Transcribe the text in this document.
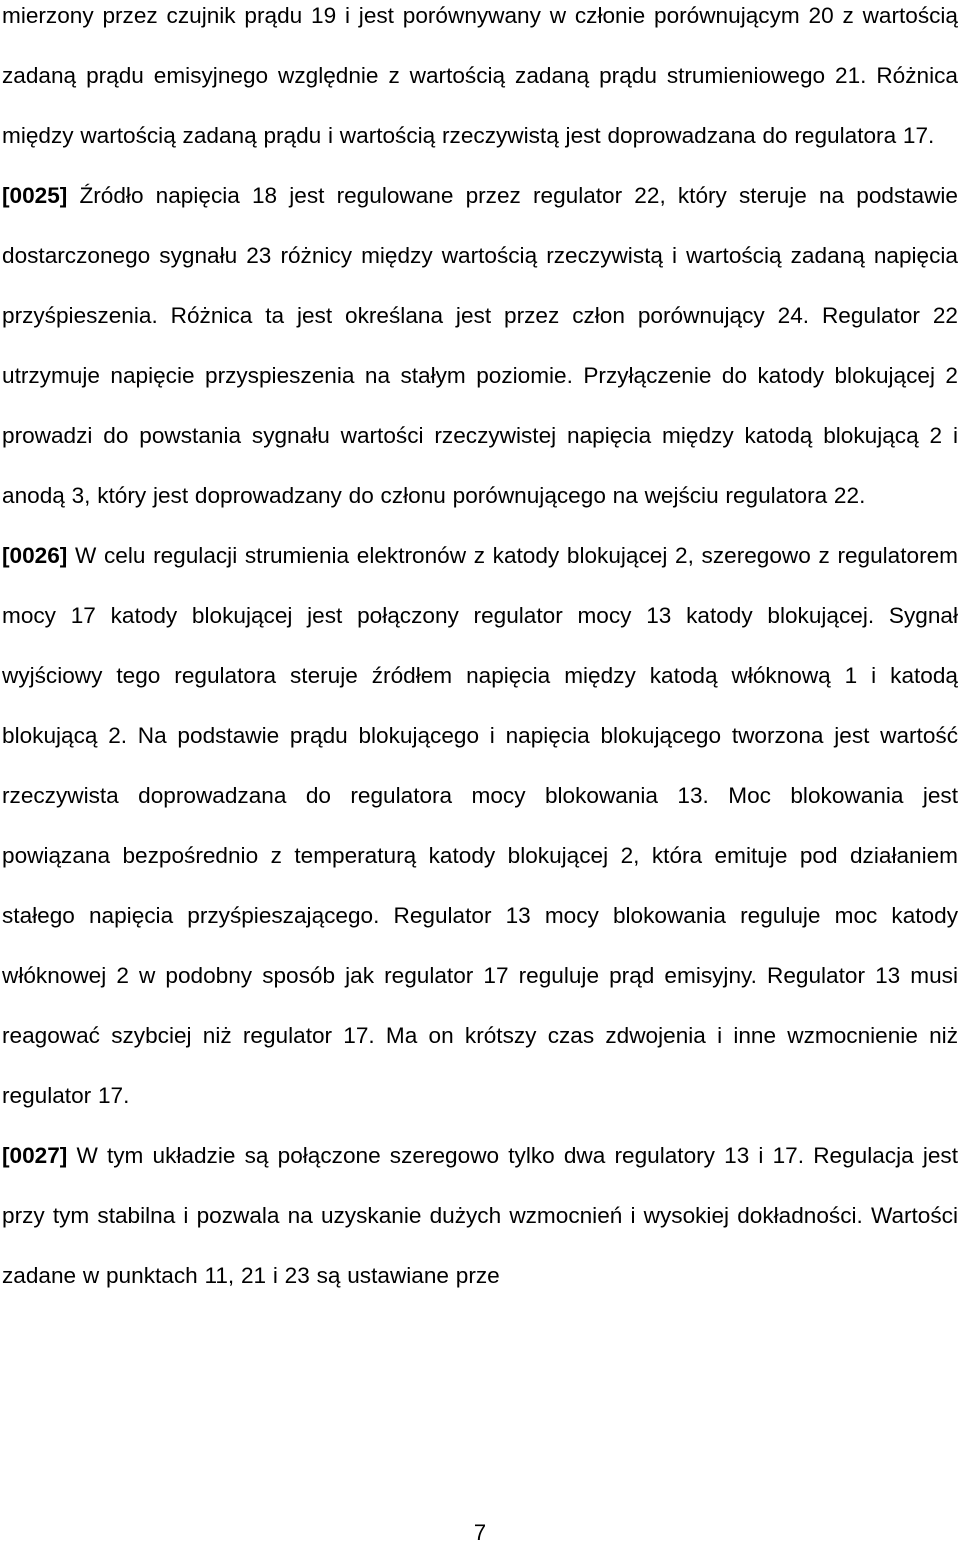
mierzony przez czujnik prądu 19 i jest porównywany w członie porównującym 20 z wartością zadaną prądu emisyjnego względnie z wartością zadaną prądu strumieniowego 21. Różnica między wartością zadaną prądu i wartością rzeczywistą jest doprowadzana do regulatora 17.

[0025] Źródło napięcia 18 jest regulowane przez regulator 22, który steruje na podstawie dostarczonego sygnału 23 różnicy między wartością rzeczywistą i wartością zadaną napięcia przyśpieszenia. Różnica ta jest określana jest przez człon porównujący 24. Regulator 22 utrzymuje napięcie przyspieszenia na stałym poziomie. Przyłączenie do katody blokującej 2 prowadzi do powstania sygnału wartości rzeczywistej napięcia między katodą blokującą 2 i anodą 3, który jest doprowadzany do członu porównującego na wejściu regulatora 22.

[0026] W celu regulacji strumienia elektronów z katody blokującej 2, szeregowo z regulatorem mocy 17 katody blokującej jest połączony regulator mocy 13 katody blokującej. Sygnał wyjściowy tego regulatora steruje źródłem napięcia między katodą włóknową 1 i katodą blokującą 2. Na podstawie prądu blokującego i napięcia blokującego tworzona jest wartość rzeczywista doprowadzana do regulatora mocy blokowania 13. Moc blokowania jest powiązana bezpośrednio z temperaturą katody blokującej 2, która emituje pod działaniem stałego napięcia przyśpieszającego. Regulator 13 mocy blokowania reguluje moc katody włóknowej 2 w podobny sposób jak regulator 17 reguluje prąd emisyjny. Regulator 13 musi reagować szybciej niż regulator 17. Ma on krótszy czas zdwojenia i inne wzmocnienie niż regulator 17.

[0027] W tym układzie są połączone szeregowo tylko dwa regulatory 13 i 17. Regulacja jest przy tym stabilna i pozwala na uzyskanie dużych wzmocnień i wysokiej dokładności. Wartości zadane w punktach 11, 21 i 23 są ustawiane prze

7
